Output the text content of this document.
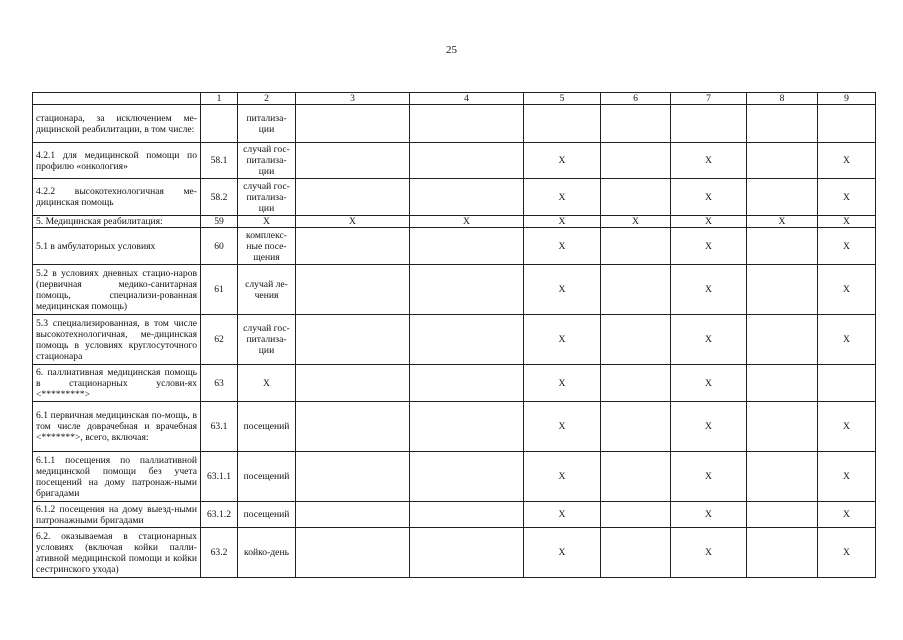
25
	1	2	3	4	5	6	7	8	9
стационара, за исключением ме-дицинской реабилитации, в том числе:		питализа-ции							
4.2.1 для медицинской помощи по профилю «онкология»	58.1	случай гос-питализа-ции			X		X		X
4.2.2 высокотехнологичная ме-дицинская помощь	58.2	случай гос-питализа-ции			X		X		X
5. Медицинская реабилитация:	59	X	X	X	X	X	X	X	X
5.1 в амбулаторных условиях	60	комплекс-ные посе-щения			X		X		X
5.2 в условиях дневных стацио-наров (первичная медико-санитарная помощь, специализи-рованная медицинская помощь)	61	случай ле-чения			X		X		X
5.3 специализированная, в том числе высокотехнологичная, ме-дицинская помощь в условиях круглосуточного стационара	62	случай гос-питализа-ции			X		X		X
6. паллиативная медицинская помощь в стационарных услови-ях <*********>	63	X			X		X		
6.1 первичная медицинская по-мощь, в том числе доврачебная и врачебная <*******>, всего, включая:	63.1	посещений			X		X		X
6.1.1 посещения по паллиативной медицинской помощи без учета посещений на дому патронаж-ными бригадами	63.1.1	посещений			X		X		X
6.1.2 посещения на дому выезд-ными патронажными бригадами	63.1.2	посещений			X		X		X
6.2. оказываемая в стационарных условиях (включая койки палли-ативной медицинской помощи и койки сестринского ухода)	63.2	койко-день			X		X		X
